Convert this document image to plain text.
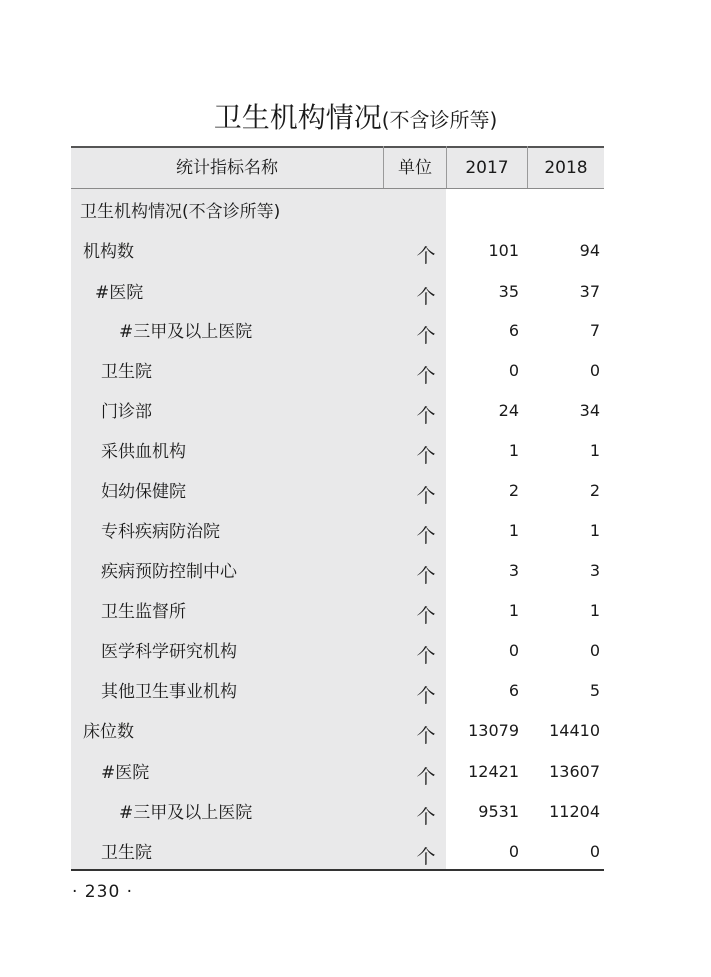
卫生机构情况(不含诊所等)
统计指标名称	单位	2017	2018
卫生机构情况(不含诊所等)
机构数	个	101	94
#医院	个	35	37
#三甲及以上医院	个	6	7
卫生院	个	0	0
门诊部	个	24	34
采供血机构	个	1	1
妇幼保健院	个	2	2
专科疾病防治院	个	1	1
疾病预防控制中心	个	3	3
卫生监督所	个	1	1
医学科学研究机构	个	0	0
其他卫生事业机构	个	6	5
床位数	个	13079 14410
#医院	个	12421 13607
#三甲及以上医院	个	9531 11204
卫生院	个	0	0
· 230 ·
